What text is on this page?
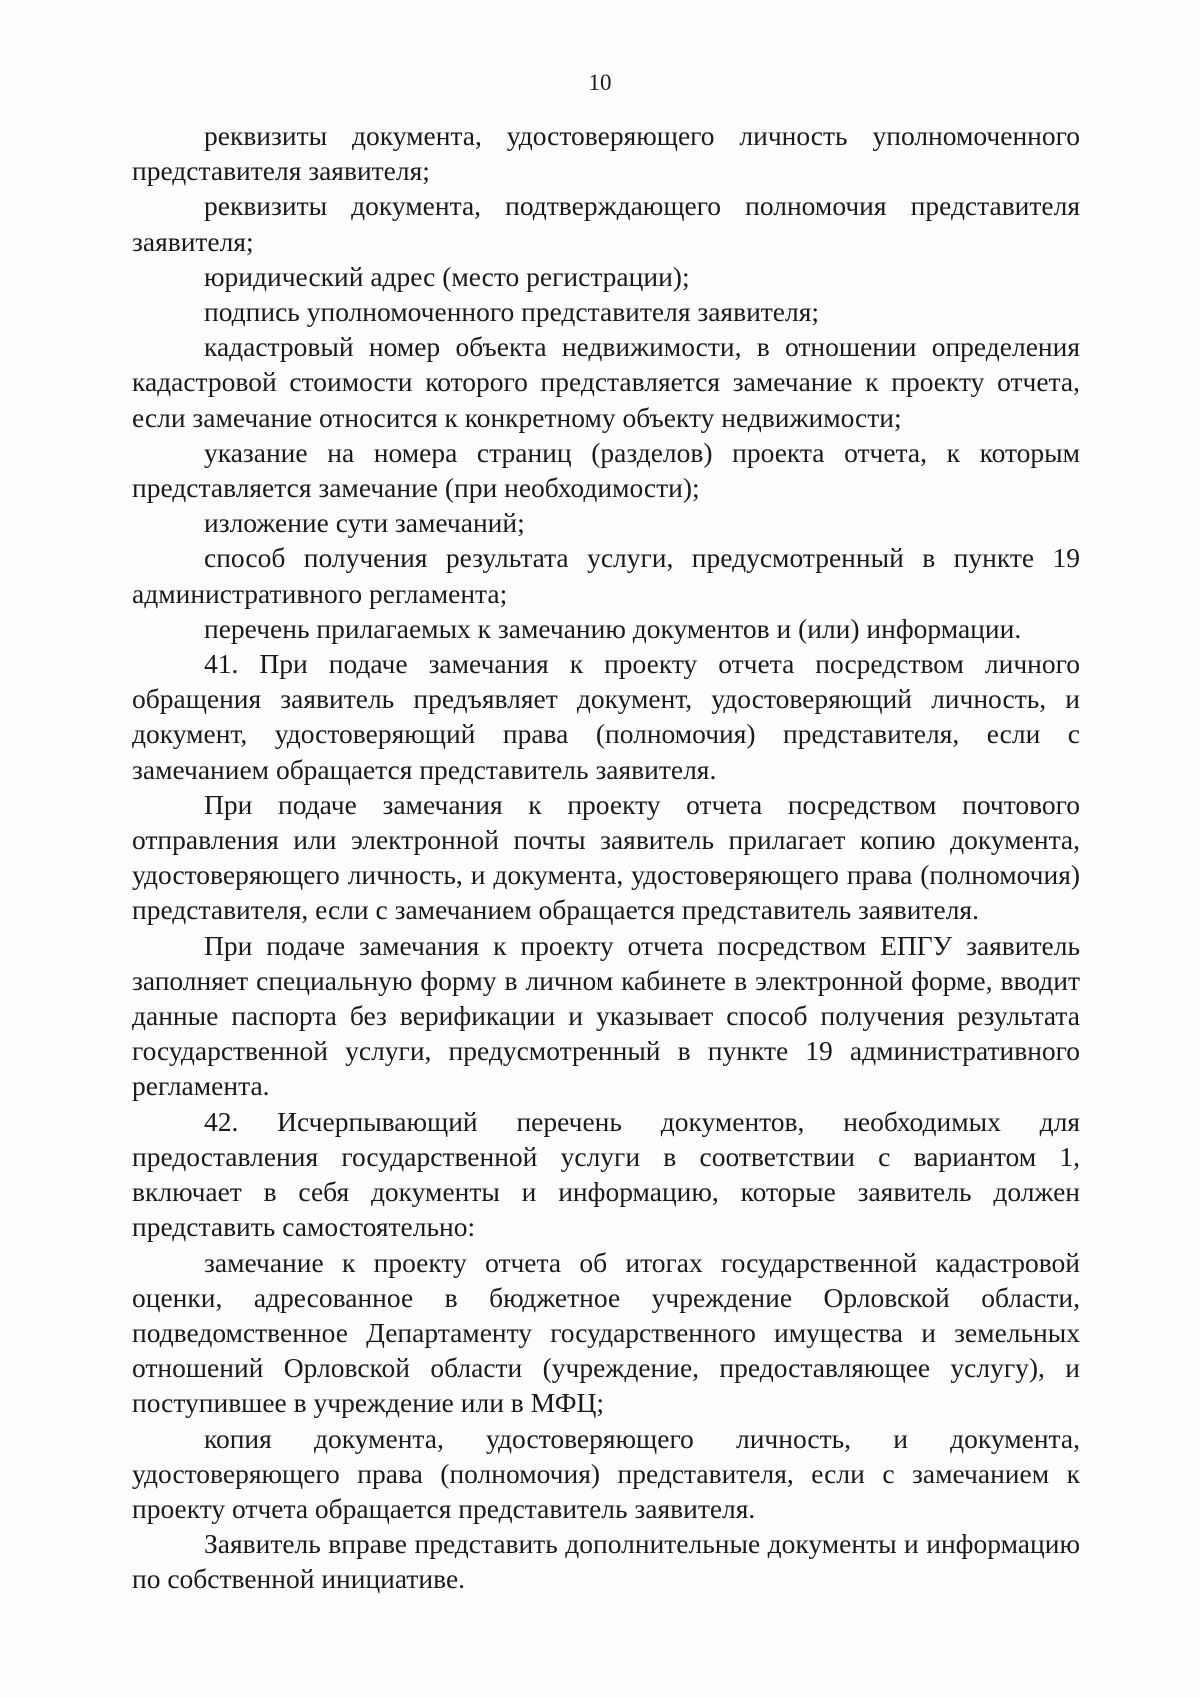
10

реквизиты документа, удостоверяющего личность уполномоченного представителя заявителя;

реквизиты документа, подтверждающего полномочия представителя заявителя;

юридический адрес (место регистрации);

подпись уполномоченного представителя заявителя;

кадастровый номер объекта недвижимости, в отношении определения кадастровой стоимости которого представляется замечание к проекту отчета, если замечание относится к конкретному объекту недвижимости;

указание на номера страниц (разделов) проекта отчета, к которым представляется замечание (при необходимости);

изложение сути замечаний;

способ получения результата услуги, предусмотренный в пункте 19 административного регламента;

перечень прилагаемых к замечанию документов и (или) информации.

41. При подаче замечания к проекту отчета посредством личного обращения заявитель предъявляет документ, удостоверяющий личность, и документ, удостоверяющий права (полномочия) представителя, если с замечанием обращается представитель заявителя.

При подаче замечания к проекту отчета посредством почтового отправления или электронной почты заявитель прилагает копию документа, удостоверяющего личность, и документа, удостоверяющего права (полномочия) представителя, если с замечанием обращается представитель заявителя.

При подаче замечания к проекту отчета посредством ЕПГУ заявитель заполняет специальную форму в личном кабинете в электронной форме, вводит данные паспорта без верификации и указывает способ получения результата государственной услуги, предусмотренный в пункте 19 административного регламента.

42. Исчерпывающий перечень документов, необходимых для предоставления государственной услуги в соответствии с вариантом 1, включает в себя документы и информацию, которые заявитель должен представить самостоятельно:

замечание к проекту отчета об итогах государственной кадастровой оценки, адресованное в бюджетное учреждение Орловской области, подведомственное Департаменту государственного имущества и земельных отношений Орловской области (учреждение, предоставляющее услугу), и поступившее в учреждение или в МФЦ;

копия документа, удостоверяющего личность, и документа, удостоверяющего права (полномочия) представителя, если с замечанием к проекту отчета обращается представитель заявителя.

Заявитель вправе представить дополнительные документы и информацию по собственной инициативе.
